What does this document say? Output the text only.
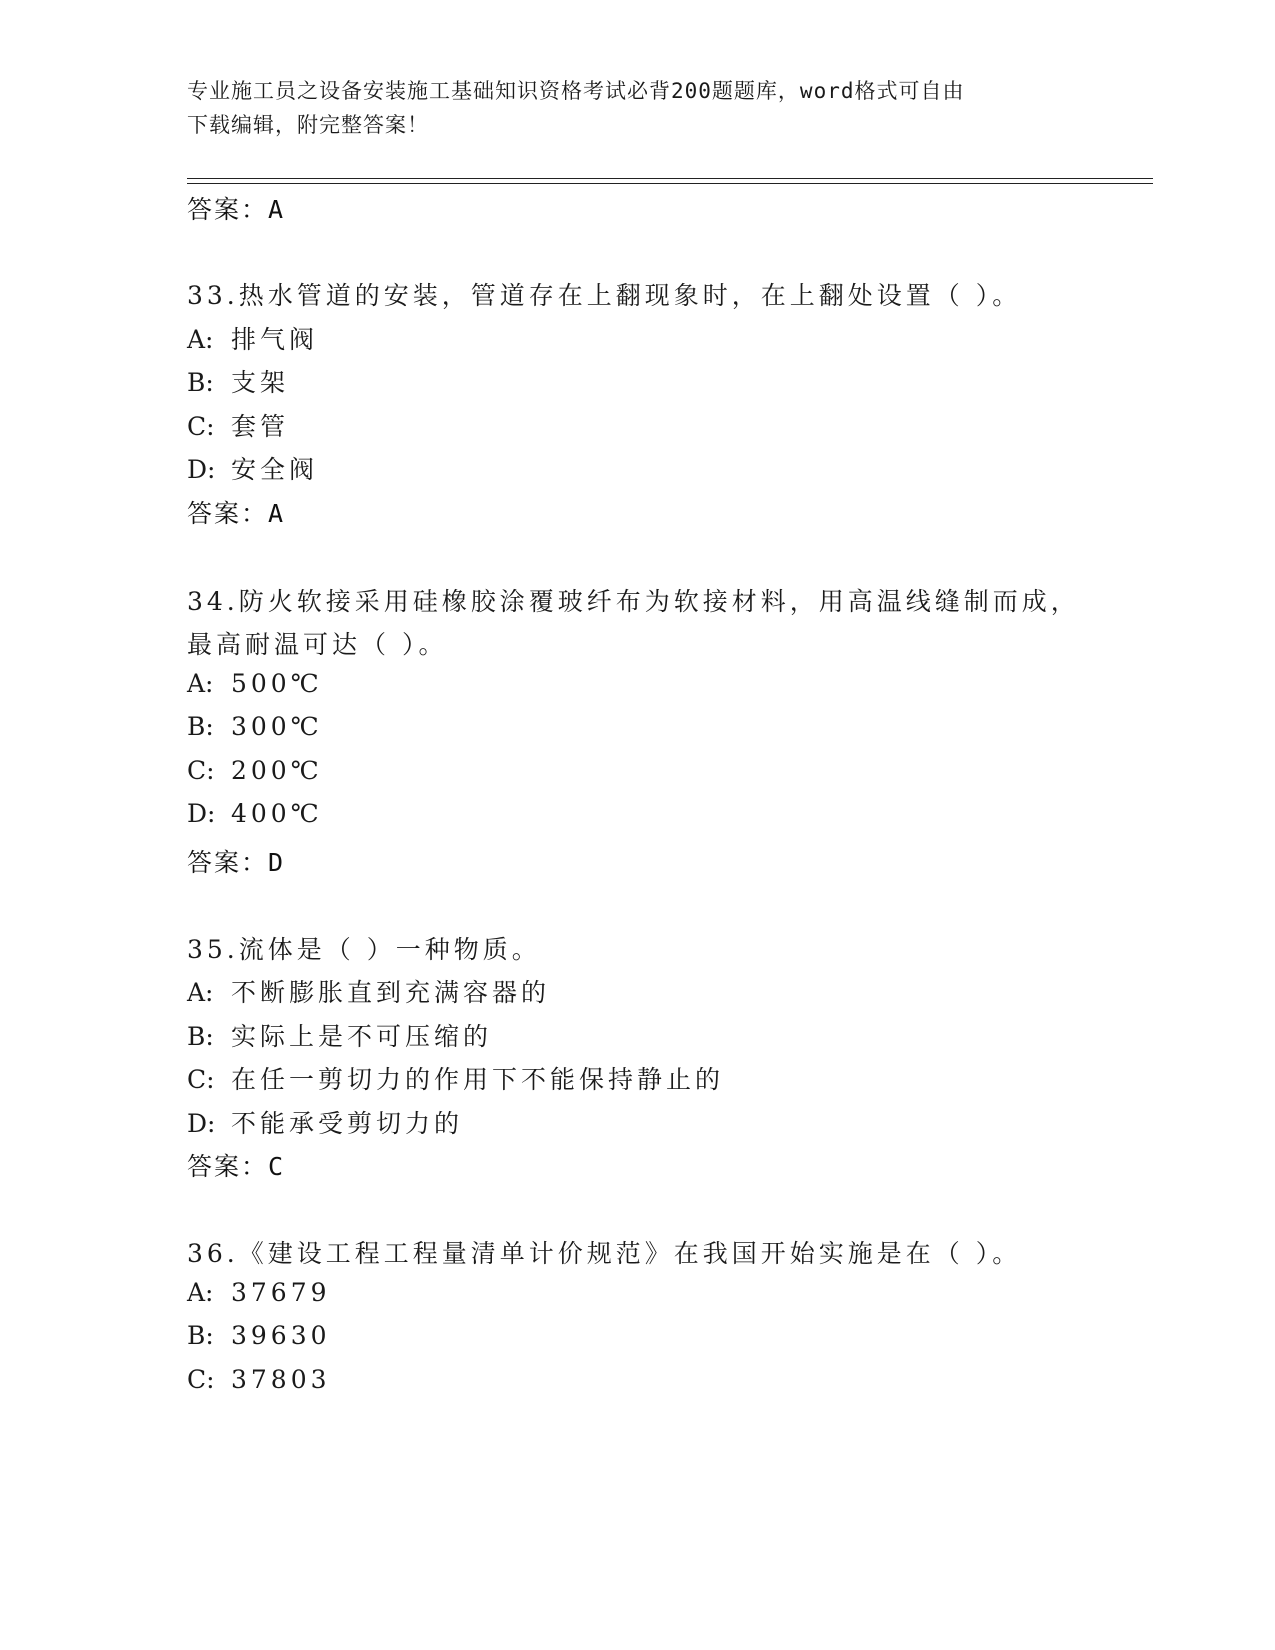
专业施工员之设备安装施工基础知识资格考试必背200题题库，word格式可自由
下载编辑，附完整答案！
答案：A
33.热水管道的安装，管道存在上翻现象时，在上翻处设置（ ）。
A: 排气阀
B: 支架
C: 套管
D: 安全阀
答案：A
34.防火软接采用硅橡胶涂覆玻纤布为软接材料，用高温线缝制而成，
最高耐温可达（ ）。
A: 500℃
B: 300℃
C: 200℃
D: 400℃
答案：D
35.流体是（ ）一种物质。
A: 不断膨胀直到充满容器的
B: 实际上是不可压缩的
C: 在任一剪切力的作用下不能保持静止的
D: 不能承受剪切力的
答案：C
36.《建设工程工程量清单计价规范》在我国开始实施是在（ ）。
A: 37679
B: 39630
C: 37803
